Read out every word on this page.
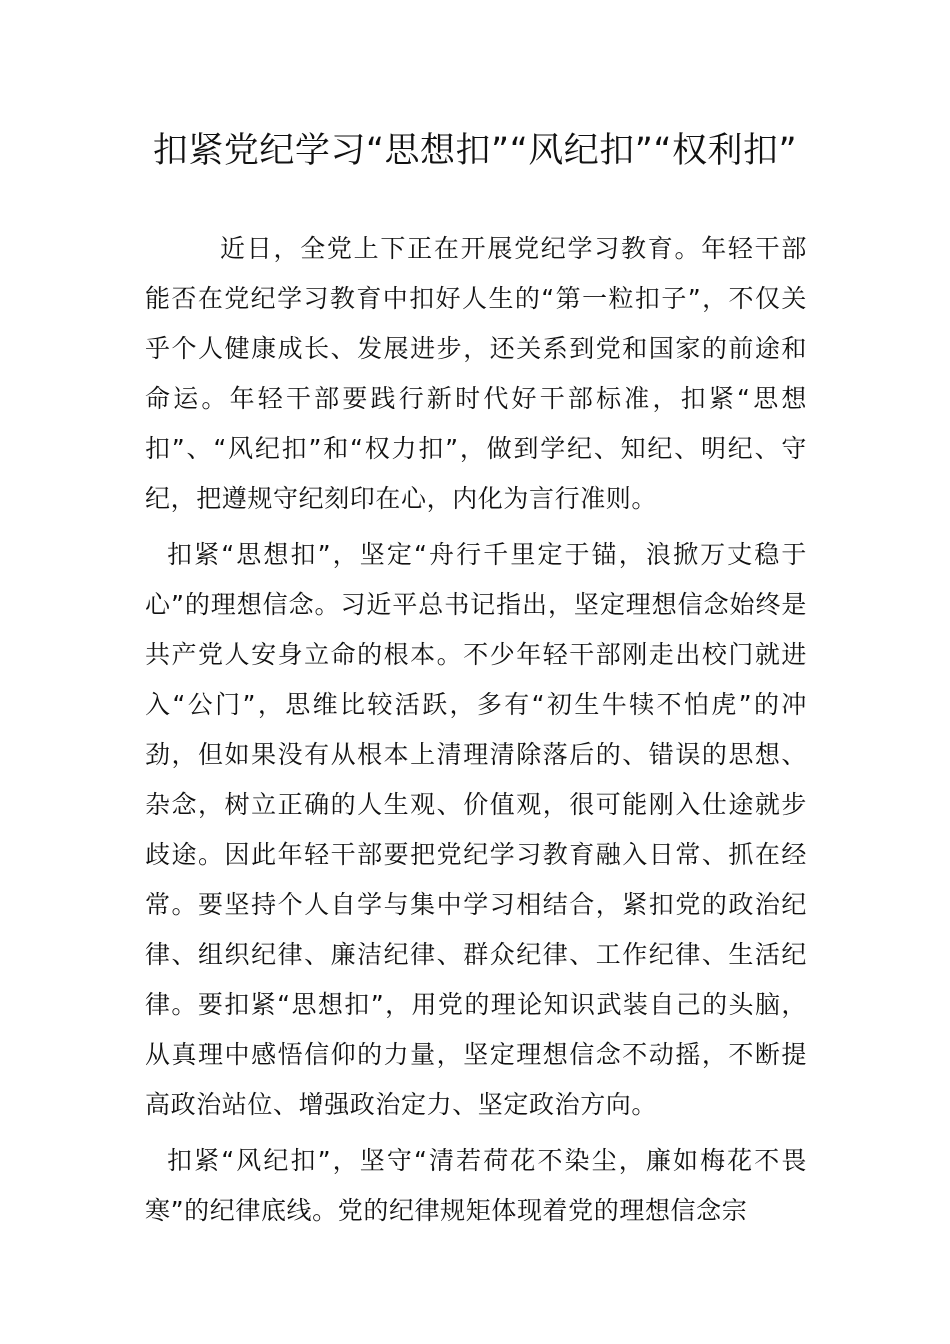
扣紧党纪学习“思想扣”“风纪扣”“权利扣”

近日，全党上下正在开展党纪学习教育。年轻干部能否在党纪学习教育中扣好人生的“第一粒扣子”，不仅关乎个人健康成长、发展进步，还关系到党和国家的前途和命运。年轻干部要践行新时代好干部标准，扣紧“思想扣”、“风纪扣”和“权力扣”，做到学纪、知纪、明纪、守纪，把遵规守纪刻印在心，内化为言行准则。

扣紧“思想扣”，坚定“舟行千里定于锚，浪掀万丈稳于心”的理想信念。习近平总书记指出，坚定理想信念始终是共产党人安身立命的根本。不少年轻干部刚走出校门就进入“公门”，思维比较活跃，多有“初生牛犊不怕虎”的冲劲，但如果没有从根本上清理清除落后的、错误的思想、杂念，树立正确的人生观、价值观，很可能刚入仕途就步歧途。因此年轻干部要把党纪学习教育融入日常、抓在经常。要坚持个人自学与集中学习相结合，紧扣党的政治纪律、组织纪律、廉洁纪律、群众纪律、工作纪律、生活纪律。要扣紧“思想扣”，用党的理论知识武装自己的头脑，从真理中感悟信仰的力量，坚定理想信念不动摇，不断提高政治站位、增强政治定力、坚定政治方向。

扣紧“风纪扣”，坚守“清若荷花不染尘，廉如梅花不畏寒”的纪律底线。党的纪律规矩体现着党的理想信念宗
